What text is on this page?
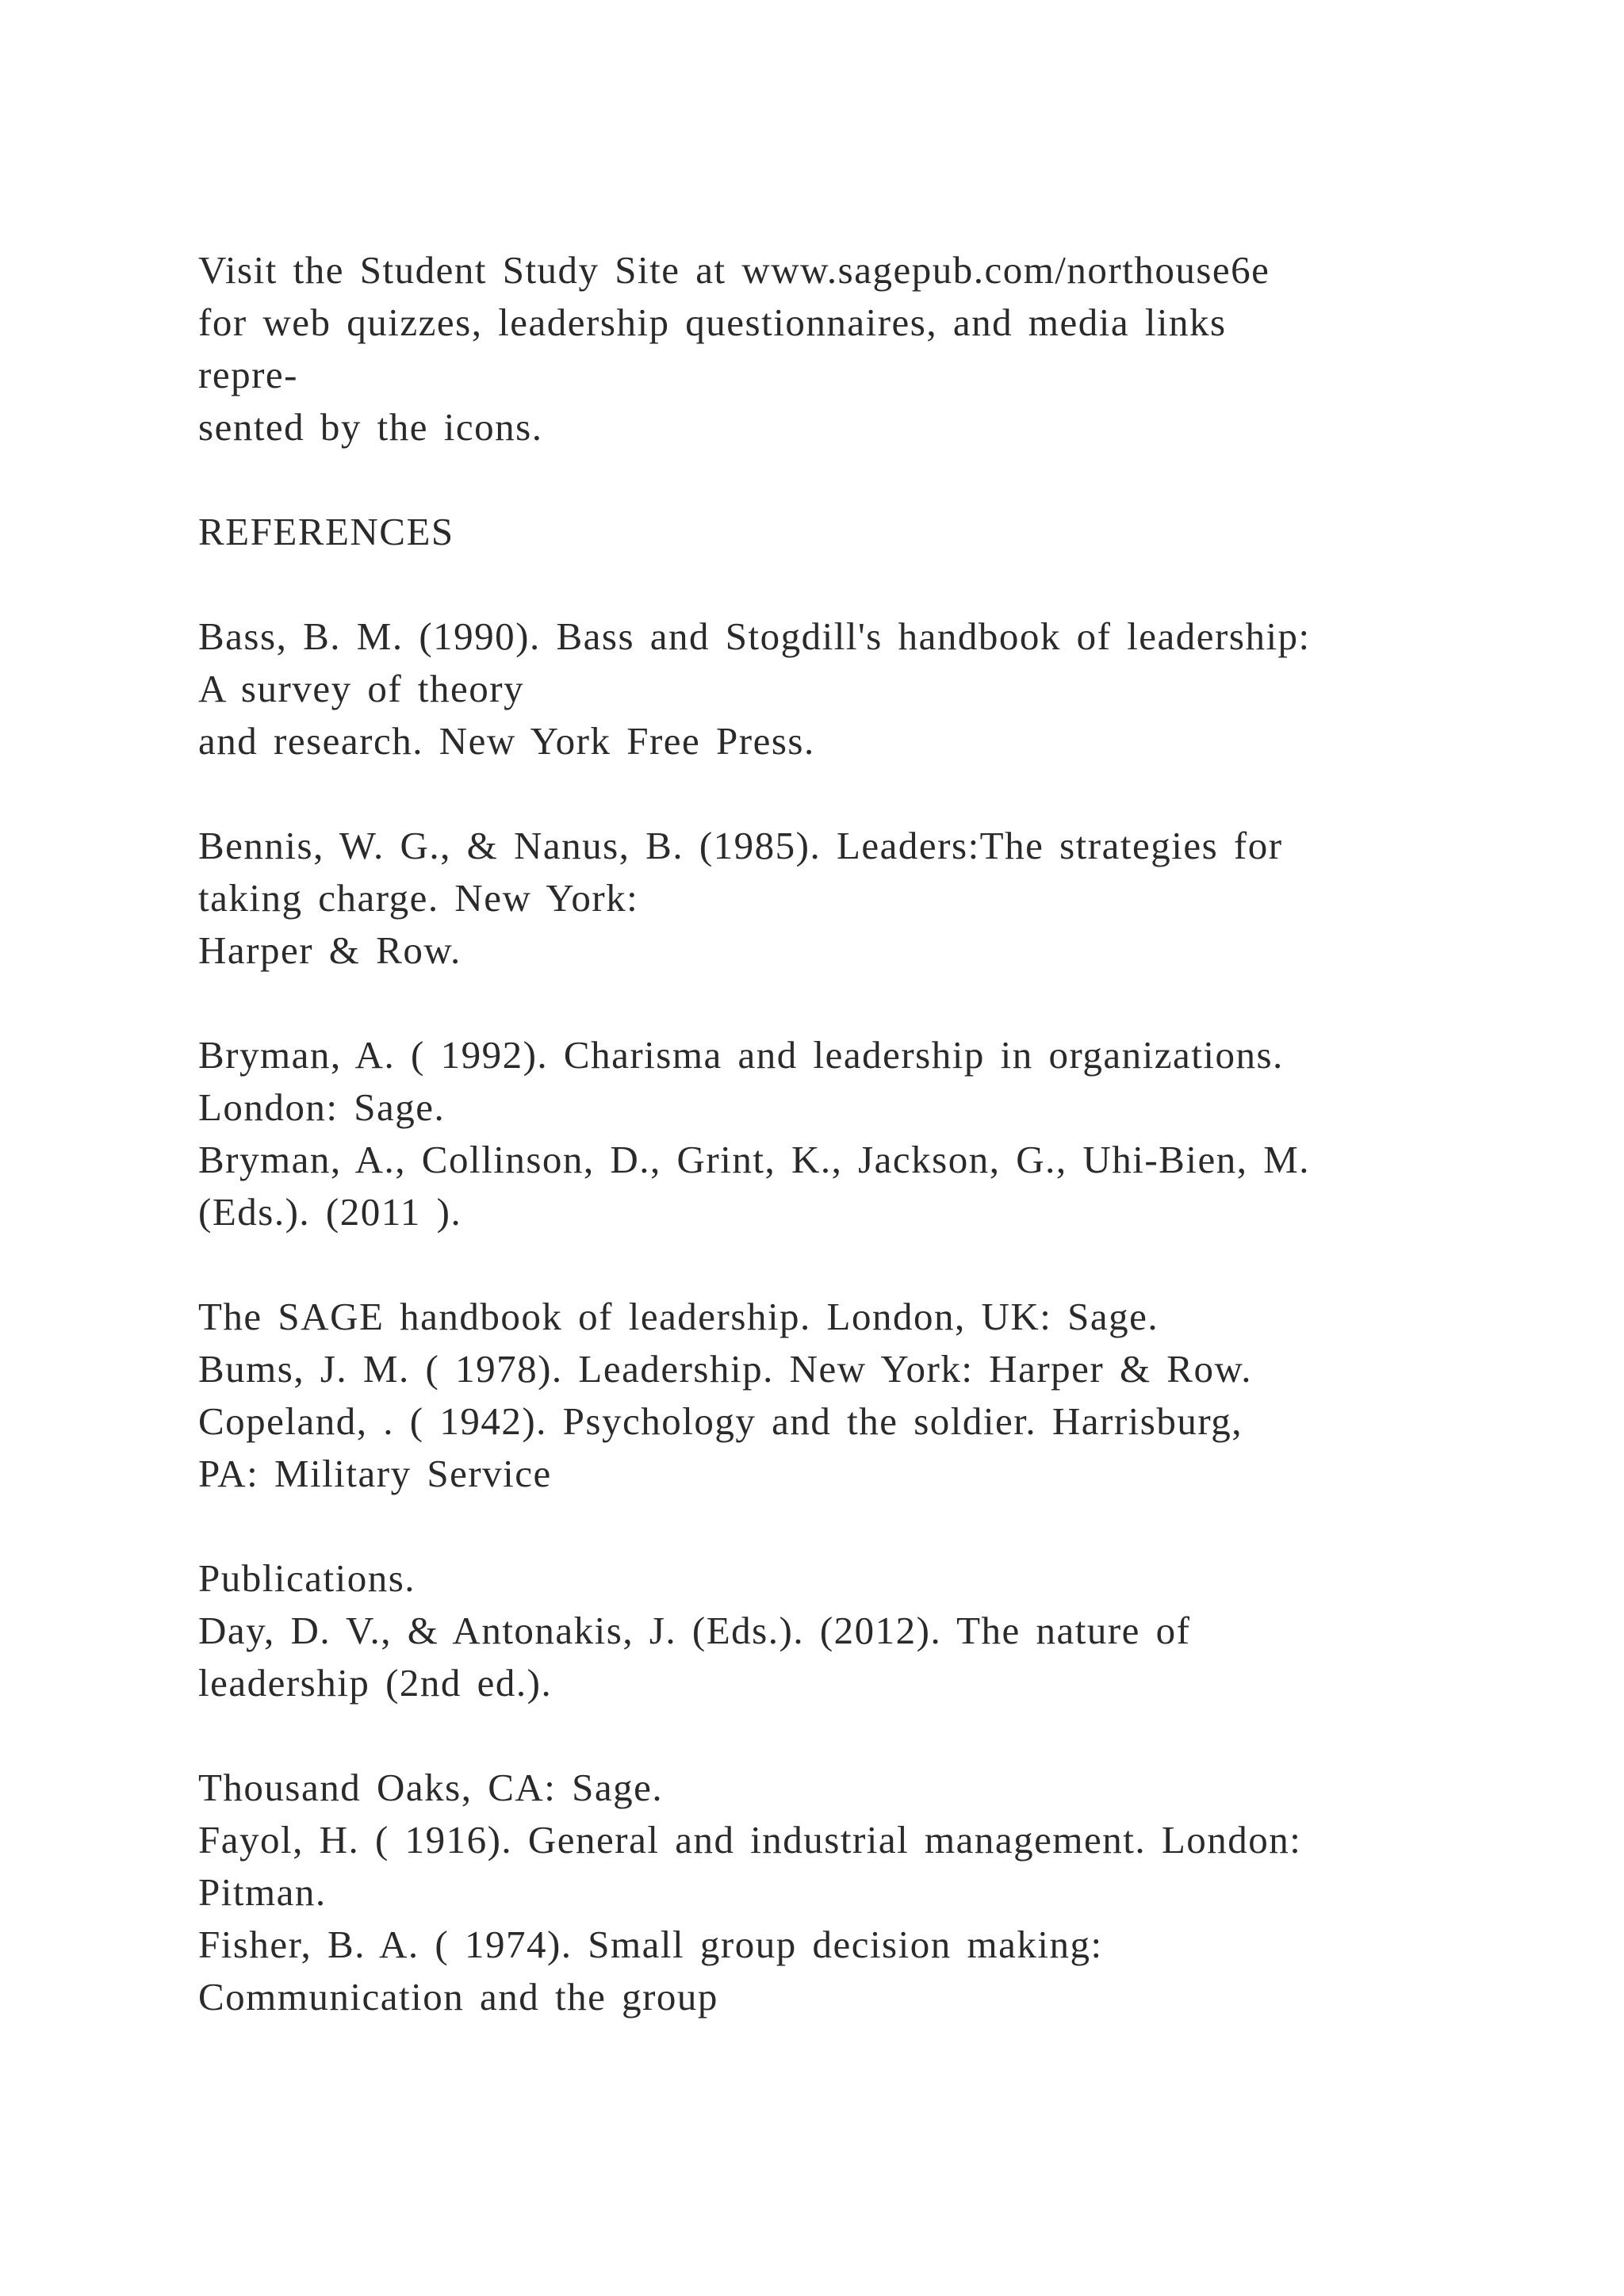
Visit the Student Study Site at www.sagepub.com/northouse6e
for web quizzes, leadership questionnaires, and media links
repre-
sented by the icons.
REFERENCES
Bass, B. M. (1990). Bass and Stogdill's handbook of leadership:
A survey of theory
and research. New York Free Press.
Bennis, W. G., & Nanus, B. (1985). Leaders:The strategies for
taking charge. New York:
Harper & Row.
Bryman, A. ( 1992). Charisma and leadership in organizations.
London: Sage.
Bryman, A., Collinson, D., Grint, K., Jackson, G., Uhi-Bien, M.
(Eds.). (2011 ).
The SAGE handbook of leadership. London, UK: Sage.
Bums, J. M. ( 1978). Leadership. New York: Harper & Row.
Copeland, . ( 1942). Psychology and the soldier. Harrisburg,
PA: Military Service
Publications.
Day, D. V., & Antonakis, J. (Eds.). (2012). The nature of
leadership (2nd ed.).
Thousand Oaks, CA: Sage.
Fayol, H. ( 1916). General and industrial management. London:
Pitman.
Fisher, B. A. ( 1974). Small group decision making:
Communication and the group
